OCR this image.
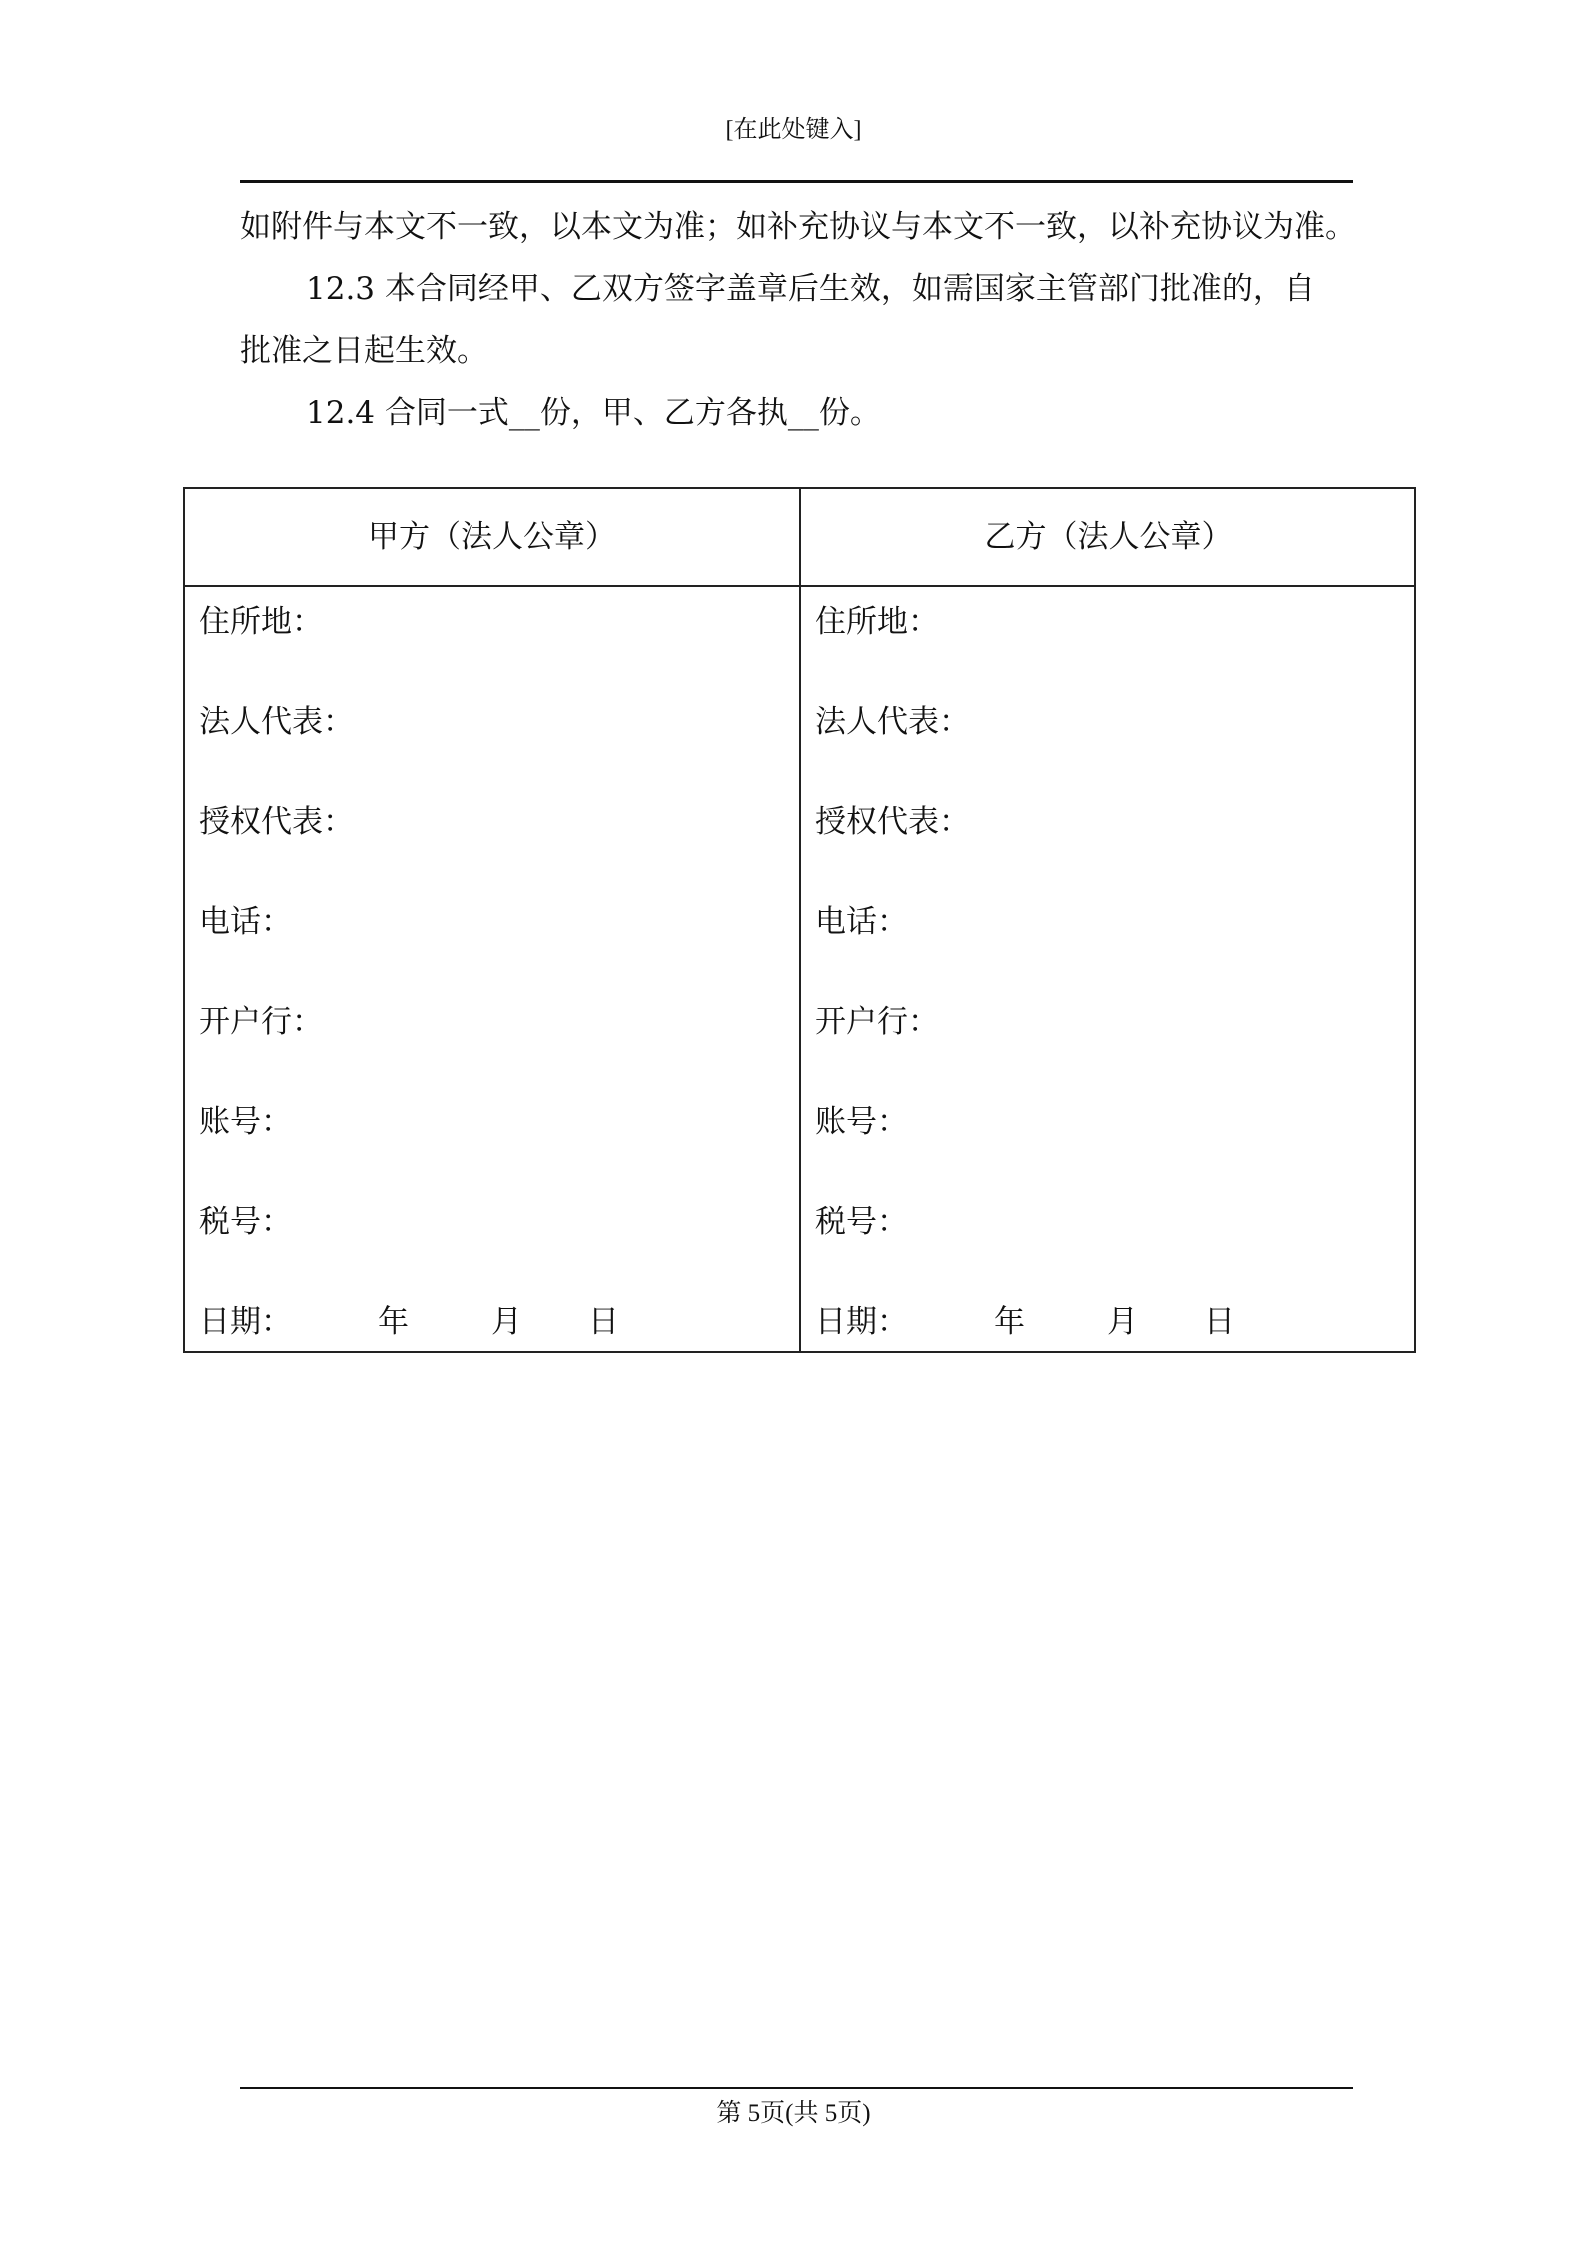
[在此处键入]
如附件与本文不一致，以本文为准；如补充协议与本文不一致，以补充协议为准。
12.3 本合同经甲、乙双方签字盖章后生效，如需国家主管部门批准的，自
批准之日起生效。
12.4 合同一式__份，甲、乙方各执__份。
甲方（法人公章）
住所地：
法人代表：
授权代表：
电话：
开户行：
账号：
税号：
日期：	年	月 日
乙方（法人公章）
住所地：
法人代表：
授权代表：
电话：
开户行：
账号：
税号：
日期：	年	月 日
第 5页(共 5页)
